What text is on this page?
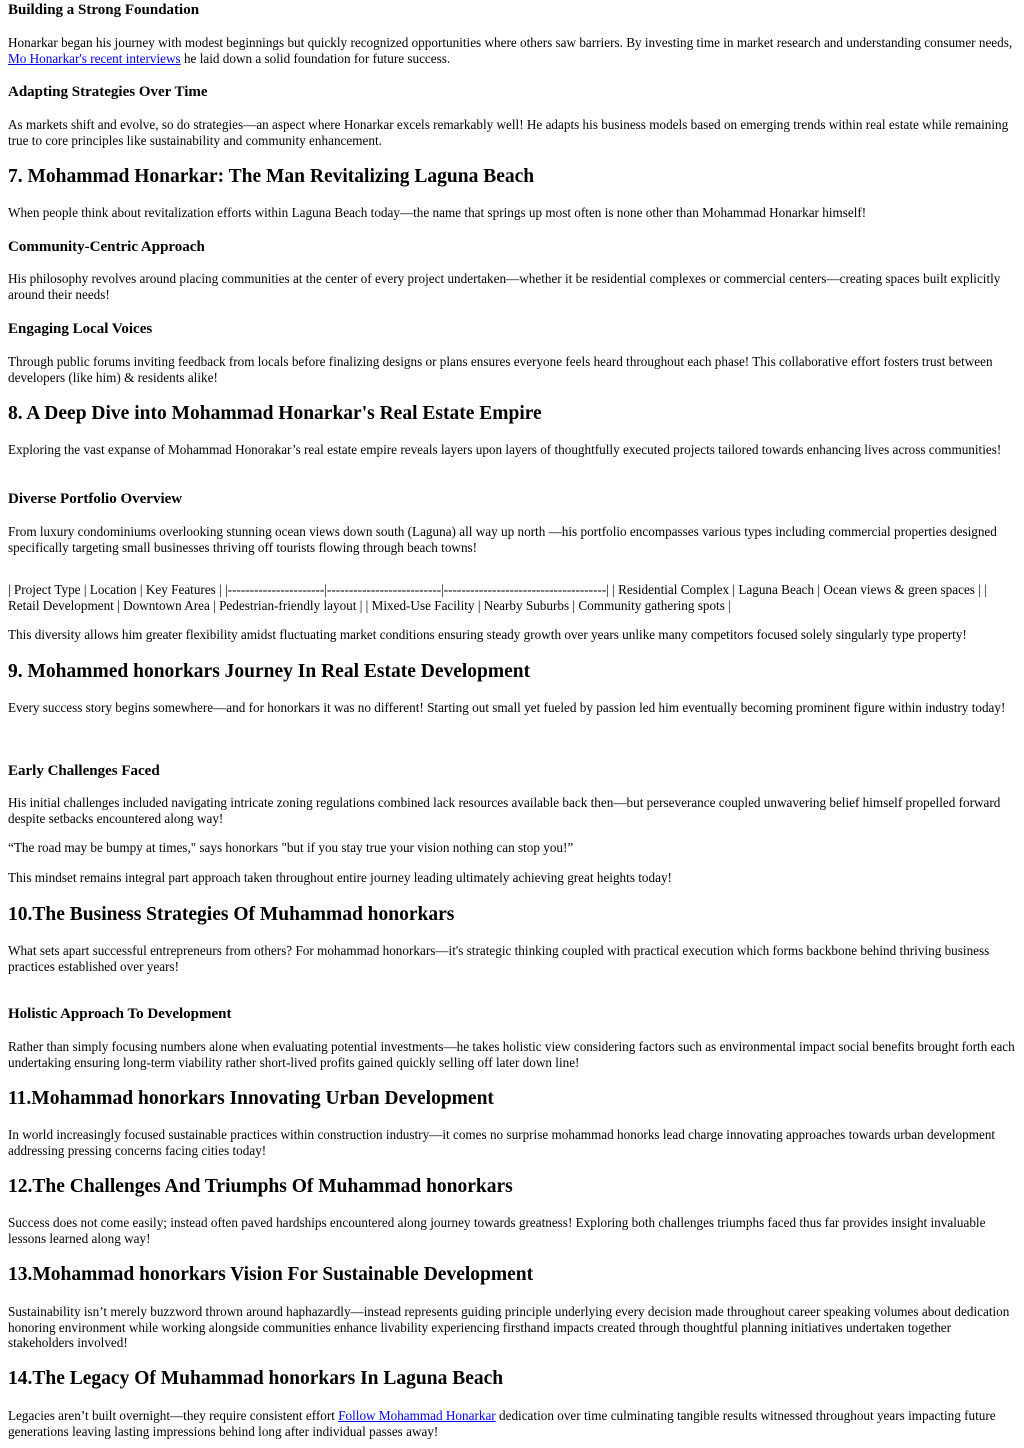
Building a Strong Foundation

Honarkar began his journey with modest beginnings but quickly recognized opportunities where others saw barriers. By investing time in market research and understanding consumer needs, Mo Honarkar's recent interviews he laid down a solid foundation for future success.

Adapting Strategies Over Time

As markets shift and evolve, so do strategies—an aspect where Honarkar excels remarkably well! He adapts his business models based on emerging trends within real estate while remaining true to core principles like sustainability and community enhancement.

7. Mohammad Honarkar: The Man Revitalizing Laguna Beach

When people think about revitalization efforts within Laguna Beach today—the name that springs up most often is none other than Mohammad Honarkar himself!

Community-Centric Approach

His philosophy revolves around placing communities at the center of every project undertaken—whether it be residential complexes or commercial centers—creating spaces built explicitly around their needs!

Engaging Local Voices

Through public forums inviting feedback from locals before finalizing designs or plans ensures everyone feels heard throughout each phase! This collaborative effort fosters trust between developers (like him) & residents alike!

8. A Deep Dive into Mohammad Honarkar's Real Estate Empire

Exploring the vast expanse of Mohammad Honorakar’s real estate empire reveals layers upon layers of thoughtfully executed projects tailored towards enhancing lives across communities!

Diverse Portfolio Overview

From luxury condominiums overlooking stunning ocean views down south (Laguna) all way up north —his portfolio encompasses various types including commercial properties designed specifically targeting small businesses thriving off tourists flowing through beach towns!

| Project Type | Location | Key Features | |----------------------|--------------------------|-------------------------------------| | Residential Complex | Laguna Beach | Ocean views & green spaces | | Retail Development | Downtown Area | Pedestrian-friendly layout | | Mixed-Use Facility | Nearby Suburbs | Community gathering spots |

This diversity allows him greater flexibility amidst fluctuating market conditions ensuring steady growth over years unlike many competitors focused solely singularly type property!

9. Mohammed honorkars Journey In Real Estate Development

Every success story begins somewhere—and for honorkars it was no different! Starting out small yet fueled by passion led him eventually becoming prominent figure within industry today!

Early Challenges Faced

His initial challenges included navigating intricate zoning regulations combined lack resources available back then—but perseverance coupled unwavering belief himself propelled forward despite setbacks encountered along way!

“The road may be bumpy at times," says honorkars "but if you stay true your vision nothing can stop you!”

This mindset remains integral part approach taken throughout entire journey leading ultimately achieving great heights today!

10.The Business Strategies Of Muhammad honorkars

What sets apart successful entrepreneurs from others? For mohammad honorkars—it's strategic thinking coupled with practical execution which forms backbone behind thriving business practices established over years!

Holistic Approach To Development

Rather than simply focusing numbers alone when evaluating potential investments—he takes holistic view considering factors such as environmental impact social benefits brought forth each undertaking ensuring long-term viability rather short-lived profits gained quickly selling off later down line!

11.Mohammad honorkars Innovating Urban Development

In world increasingly focused sustainable practices within construction industry—it comes no surprise mohammad honorks lead charge innovating approaches towards urban development addressing pressing concerns facing cities today!

12.The Challenges And Triumphs Of Muhammad honorkars

Success does not come easily; instead often paved hardships encountered along journey towards greatness! Exploring both challenges triumphs faced thus far provides insight invaluable lessons learned along way!

13.Mohammad honorkars Vision For Sustainable Development

Sustainability isn’t merely buzzword thrown around haphazardly—instead represents guiding principle underlying every decision made throughout career speaking volumes about dedication honoring environment while working alongside communities enhance livability experiencing firsthand impacts created through thoughtful planning initiatives undertaken together stakeholders involved!

14.The Legacy Of Muhammad honorkars In Laguna Beach

Legacies aren’t built overnight—they require consistent effort Follow Mohammad Honarkar dedication over time culminating tangible results witnessed throughout years impacting future generations leaving lasting impressions behind long after individual passes away!
